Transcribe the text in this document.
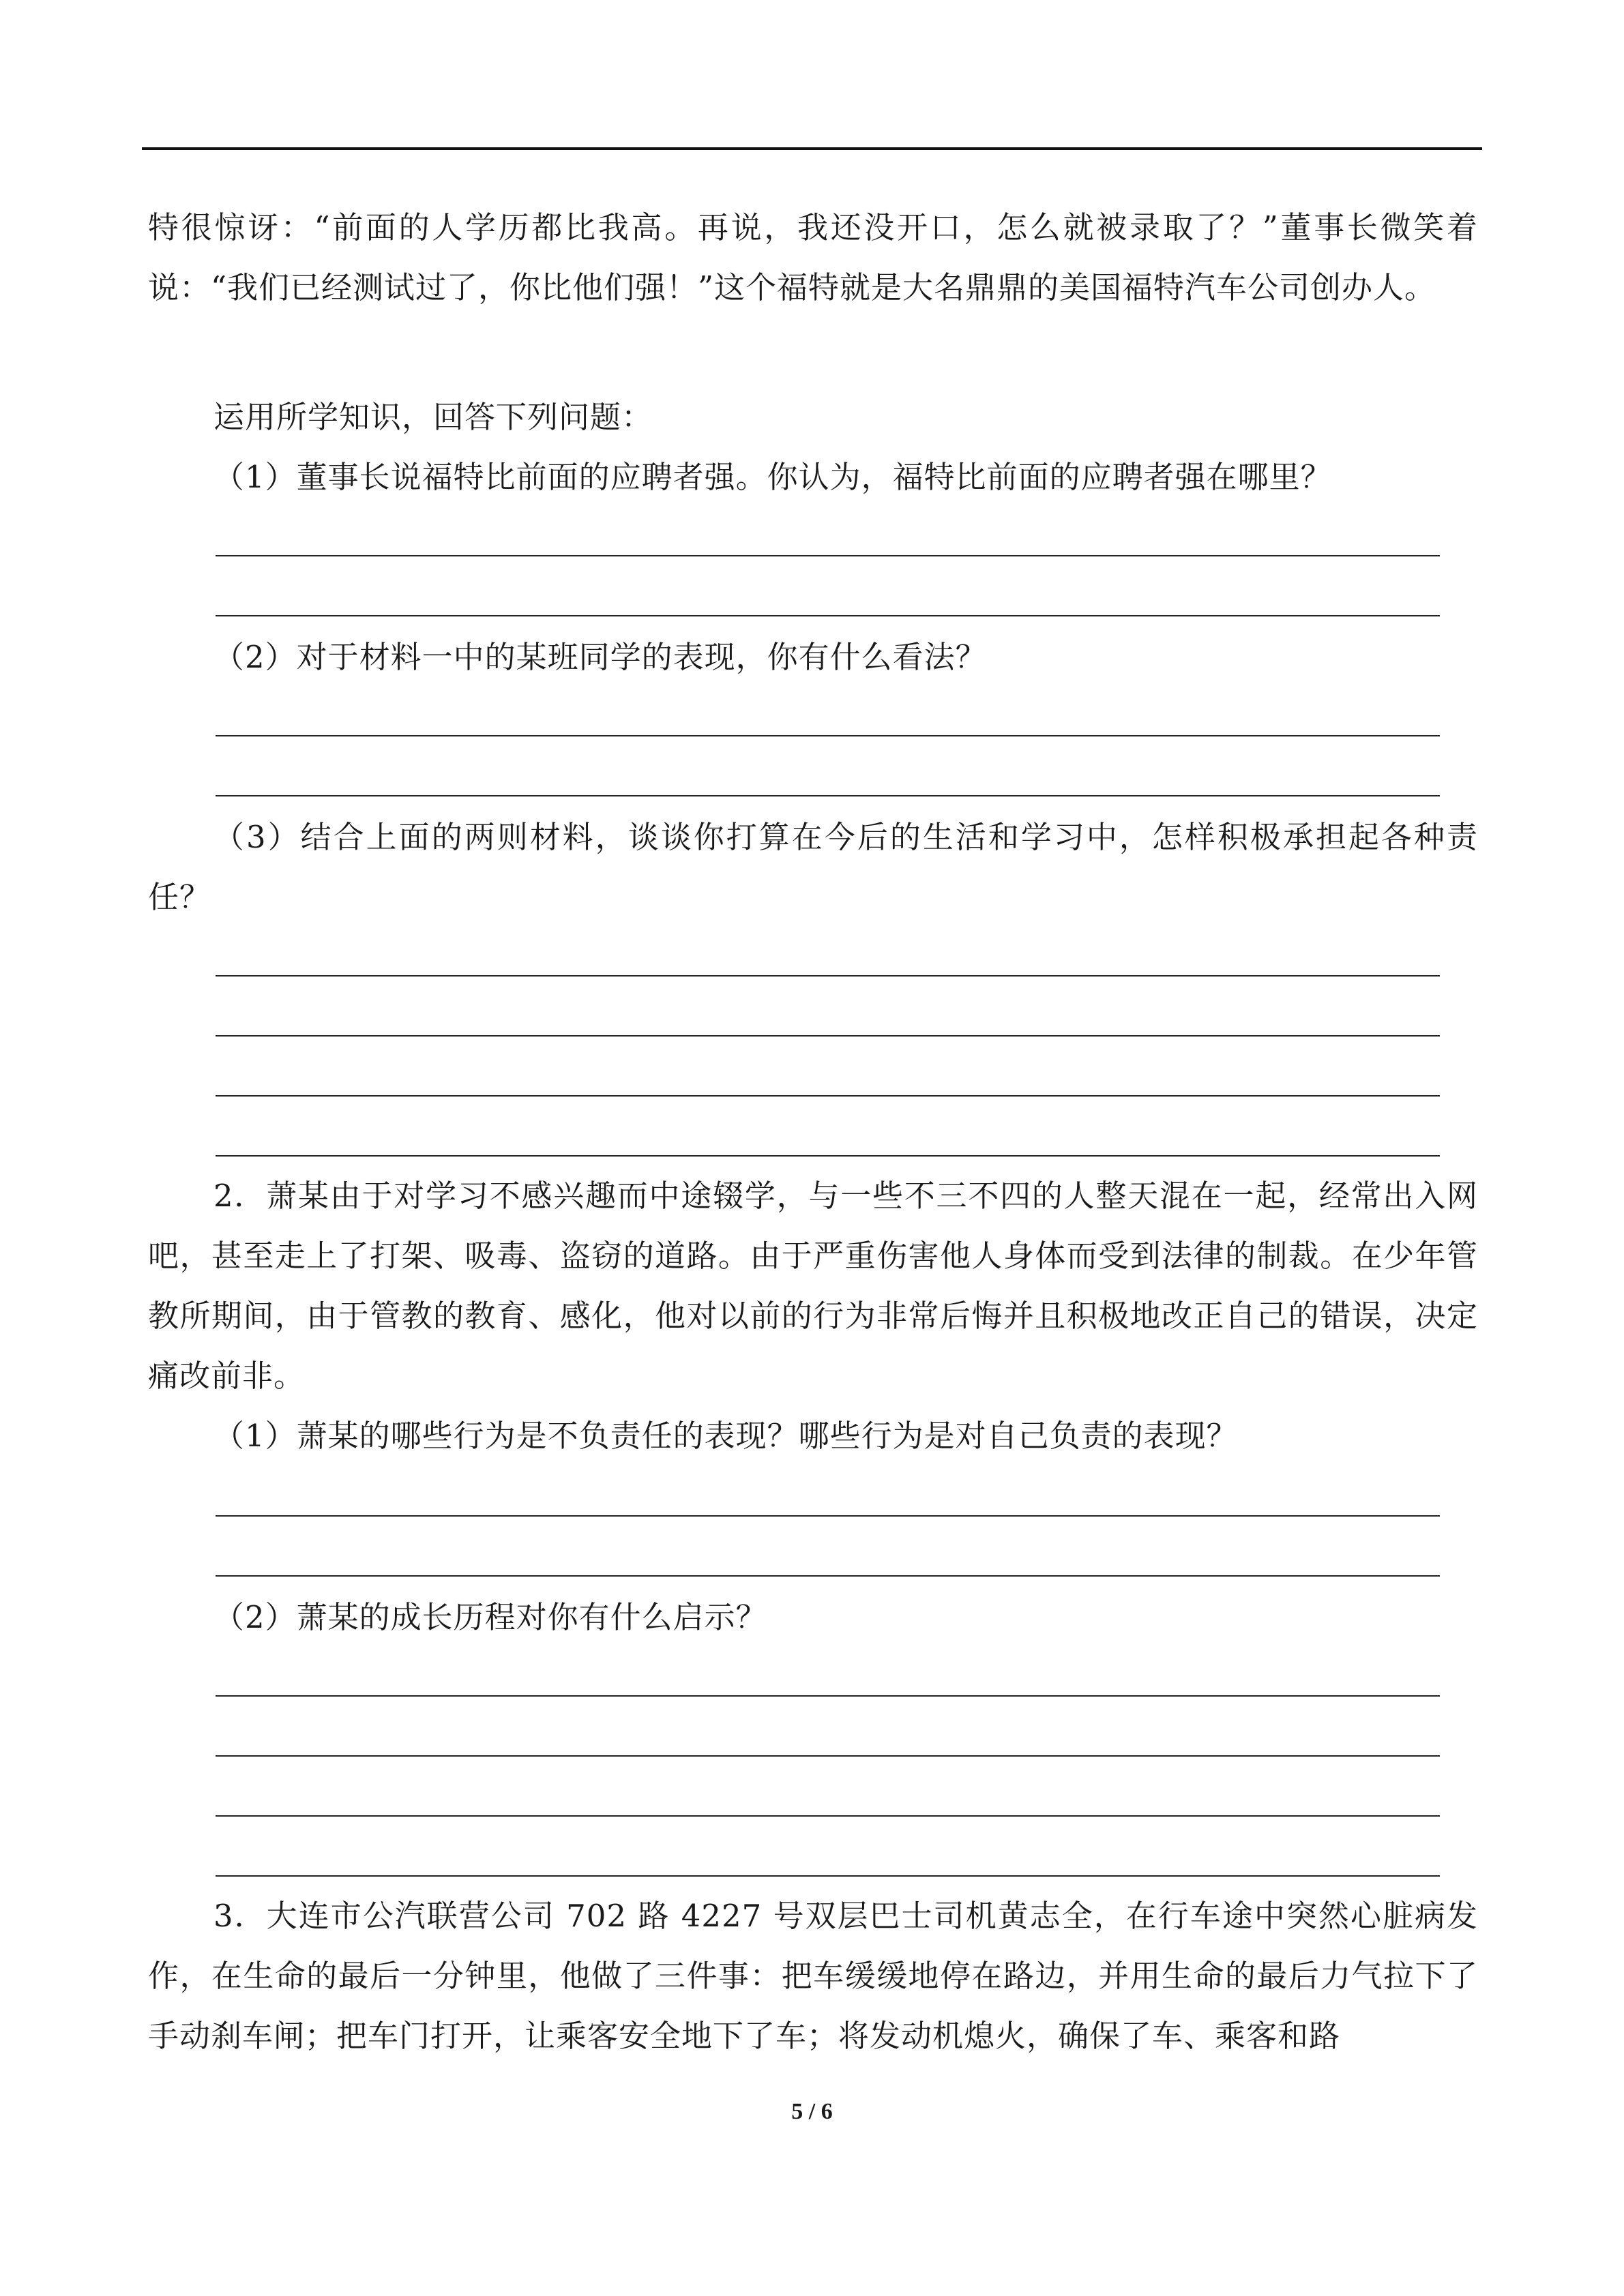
特很惊讶：“前面的人学历都比我高。再说，我还没开口，怎么就被录取了？”董事长微笑着说：“我们已经测试过了，你比他们强！”这个福特就是大名鼎鼎的美国福特汽车公司创办人。
运用所学知识，回答下列问题：
（1）董事长说福特比前面的应聘者强。你认为，福特比前面的应聘者强在哪里？
（2）对于材料一中的某班同学的表现，你有什么看法？
（3）结合上面的两则材料，谈谈你打算在今后的生活和学习中，怎样积极承担起各种责任？
2．萧某由于对学习不感兴趣而中途辍学，与一些不三不四的人整天混在一起，经常出入网吧，甚至走上了打架、吸毒、盗窃的道路。由于严重伤害他人身体而受到法律的制裁。在少年管教所期间，由于管教的教育、感化，他对以前的行为非常后悔并且积极地改正自己的错误，决定痛改前非。
（1）萧某的哪些行为是不负责任的表现？哪些行为是对自己负责的表现？
（2）萧某的成长历程对你有什么启示？
3．大连市公汽联营公司 702 路 4227 号双层巴士司机黄志全，在行车途中突然心脏病发作，在生命的最后一分钟里，他做了三件事：把车缓缓地停在路边，并用生命的最后力气拉下了手动刹车闸；把车门打开，让乘客安全地下了车；将发动机熄火，确保了车、乘客和路
5 / 6
